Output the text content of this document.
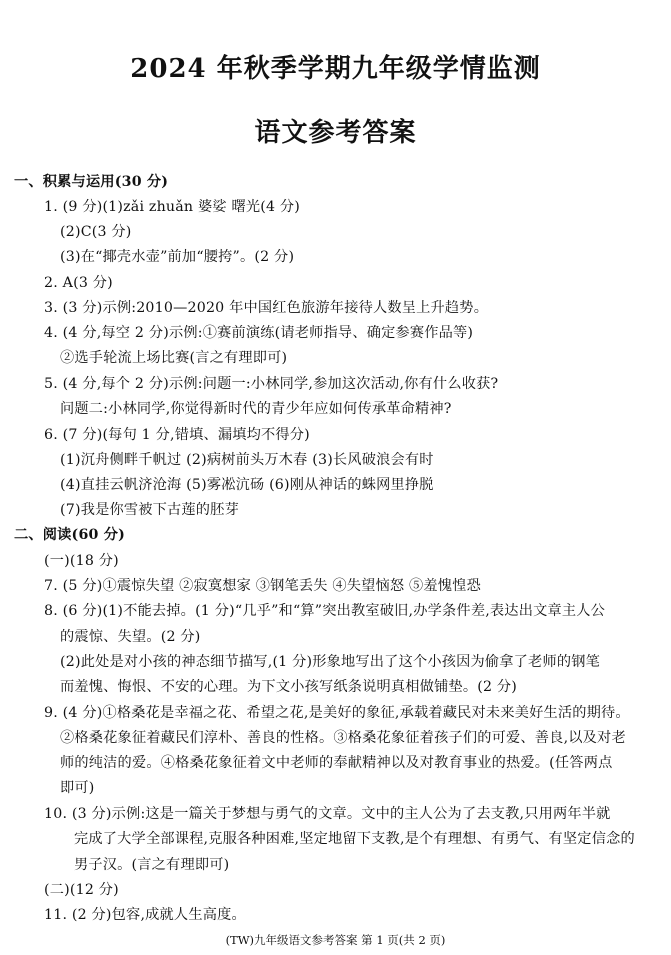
2024 年秋季学期九年级学情监测
语文参考答案
一、积累与运用(30 分)
1. (9 分)(1)zǎi zhuǎn 婆娑 曙光(4 分)
(2)C(3 分)
(3)在“揶壳水壶”前加“腰挎”。(2 分)
2. A(3 分)
3. (3 分)示例:2010—2020 年中国红色旅游年接待人数呈上升趋势。
4. (4 分,每空 2 分)示例:①赛前演练(请老师指导、确定参赛作品等)
②选手轮流上场比赛(言之有理即可)
5. (4 分,每个 2 分)示例:问题一:小林同学,参加这次活动,你有什么收获?
问题二:小林同学,你觉得新时代的青少年应如何传承革命精神?
6. (7 分)(每句 1 分,错填、漏填均不得分)
(1)沉舟侧畔千帆过 (2)病树前头万木春 (3)长风破浪会有时
(4)直挂云帆济沧海 (5)雾凇沆砀 (6)刚从神话的蛛网里挣脱
(7)我是你雪被下古莲的胚芽
二、阅读(60 分)
(一)(18 分)
7. (5 分)①震惊失望 ②寂寞想家 ③钢笔丢失 ④失望恼怒 ⑤羞愧惶恐
8. (6 分)(1)不能去掉。(1 分)“几乎”和“算”突出教室破旧,办学条件差,表达出文章主人公
的震惊、失望。(2 分)
(2)此处是对小孩的神态细节描写,(1 分)形象地写出了这个小孩因为偷拿了老师的钢笔
而羞愧、悔恨、不安的心理。为下文小孩写纸条说明真相做铺垫。(2 分)
9. (4 分)①格桑花是幸福之花、希望之花,是美好的象征,承载着藏民对未来美好生活的期待。
②格桑花象征着藏民们淳朴、善良的性格。③格桑花象征着孩子们的可爱、善良,以及对老
师的纯洁的爱。④格桑花象征着文中老师的奉献精神以及对教育事业的热爱。(任答两点
即可)
10. (3 分)示例:这是一篇关于梦想与勇气的文章。文中的主人公为了去支教,只用两年半就
完成了大学全部课程,克服各种困难,坚定地留下支教,是个有理想、有勇气、有坚定信念的
男子汉。(言之有理即可)
(二)(12 分)
11. (2 分)包容,成就人生高度。
(TW)九年级语文参考答案 第 1 页(共 2 页)
